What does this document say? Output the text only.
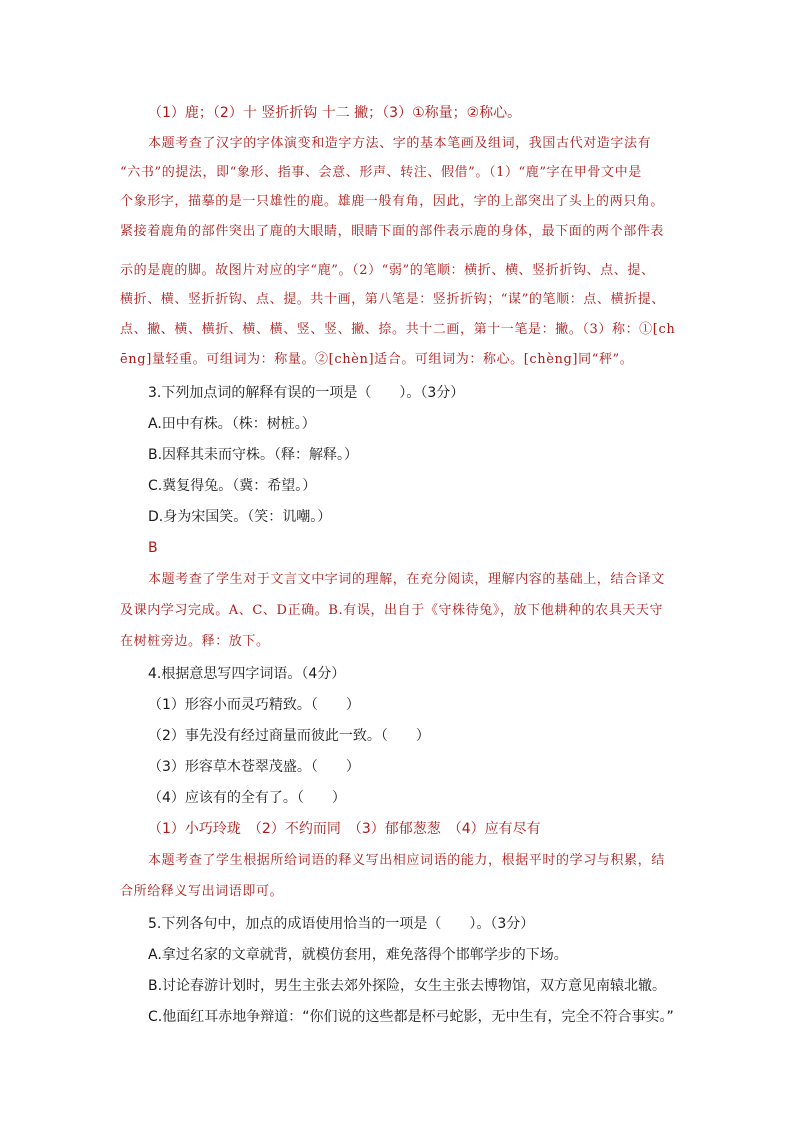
（1）鹿；（2）十 竖折折钩 十二 撇；（3）①称量；②称心。
本题考查了汉字的字体演变和造字方法、字的基本笔画及组词，我国古代对造字法有
“六书”的提法，即“象形、指事、会意、形声、转注、假借”。（1）“鹿”字在甲骨文中是
个象形字，描摹的是一只雄性的鹿。雄鹿一般有角，因此，字的上部突出了头上的两只角。
紧接着鹿角的部件突出了鹿的大眼睛，眼睛下面的部件表示鹿的身体，最下面的两个部件表
示的是鹿的脚。故图片对应的字“鹿”。（2）“弱”的笔顺：横折、横、竖折折钩、点、提、
横折、横、竖折折钩、点、提。共十画，第八笔是：竖折折钩；“谋”的笔顺：点、横折提、
点、撇、横、横折、横、横、竖、竖、撇、捺。共十二画，第十一笔是：撇。（3）称：①[ch
ēng]量轻重。可组词为：称量。②[chèn]适合。可组词为：称心。[chèng]同“秤”。
3.下列加点词的解释有误的一项是（　　）。（3分）
A.田中有株。（株：树桩。）
B.因释其耒而守株。（释：解释。）
C.冀复得兔。（冀：希望。）
D.身为宋国笑。（笑：讥嘲。）
B
本题考查了学生对于文言文中字词的理解，在充分阅读，理解内容的基础上，结合译文
及课内学习完成。A、C、D正确。B.有误，出自于《守株待兔》，放下他耕种的农具天天守
在树桩旁边。释：放下。
4.根据意思写四字词语。（4分）
（1）形容小而灵巧精致。（　　）
（2）事先没有经过商量而彼此一致。（　　）
（3）形容草木苍翠茂盛。（　　）
（4）应该有的全有了。（　　）
（1）小巧玲珑　（2）不约而同　（3）郁郁葱葱　（4）应有尽有
本题考查了学生根据所给词语的释义写出相应词语的能力，根据平时的学习与积累，结
合所给释义写出词语即可。
5.下列各句中，加点的成语使用恰当的一项是（　　）。（3分）
A.拿过名家的文章就背，就模仿套用，难免落得个邯郸学步的下场。
B.讨论春游计划时，男生主张去郊外探险，女生主张去博物馆，双方意见南辕北辙。
C.他面红耳赤地争辩道：“你们说的这些都是杯弓蛇影，无中生有，完全不符合事实。”
